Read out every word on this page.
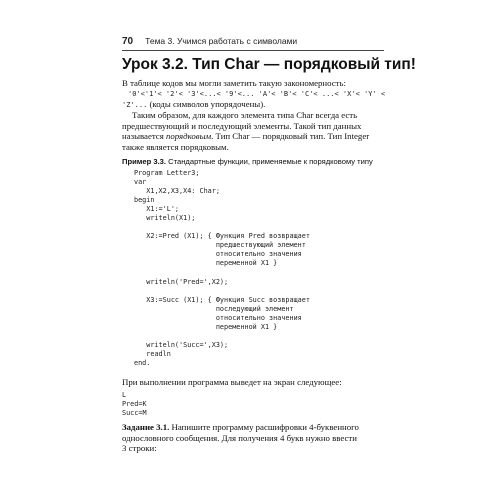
70 Тема 3. Учимся работать с символами
Урок 3.2. Тип Char — порядковый тип!
В таблице кодов мы могли заметить такую закономерность:
'0'<'1'< '2'< '3'<...< '9'<... 'A'< 'B'< 'C'< ...< 'X'< 'Y' <
'Z'... (коды символов упорядочены).
Таким образом, для каждого элемента типа Char всегда есть
предшествующий и последующий элементы. Такой тип данных
называется порядковым. Тип Char — порядковый тип. Тип Integer
также является порядковым.
Пример 3.3. Стандартные функции, применяемые к порядковому типу
Program Letter3;
var
X1,X2,X3,X4: Char;
begin
X1:='L';
writeln(X1);

X2:=Pred (X1); { Функция Pred возвращает
предшествующий элемент
относительно значения
переменной X1 }

writeln('Pred=',X2);

X3:=Succ (X1); { Функция Succ возвращает
последующий элемент
относительно значения
переменной X1 }

writeln('Succ=',X3);
readln
end.
При выполнении программа выведет на экран следующее:
L
Pred=K
Succ=M
Задание 3.1. Напишите программу расшифровки 4-буквенного
однословного сообщения. Для получения 4 букв нужно ввести
3 строки:
